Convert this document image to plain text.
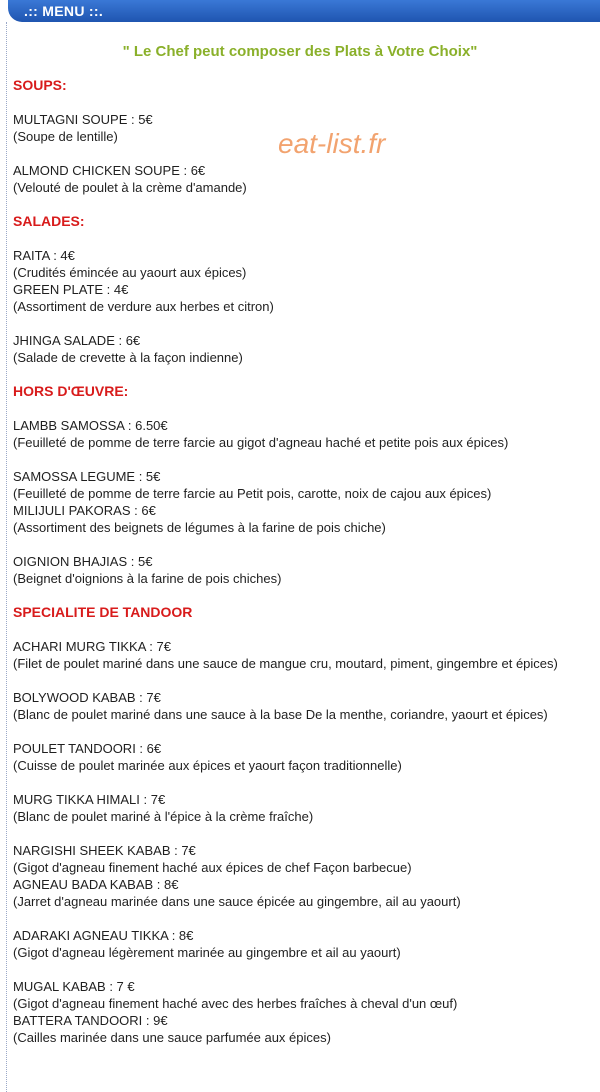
.:: MENU ::.
" Le Chef peut composer des Plats à Votre Choix"
SOUPS:
MULTAGNI SOUPE : 5€
(Soupe de lentille)
ALMOND CHICKEN SOUPE : 6€
(Velouté de poulet à la crème d'amande)
SALADES:
RAITA : 4€
(Crudités émincée au yaourt aux épices)
GREEN PLATE : 4€
(Assortiment de verdure aux herbes et citron)
JHINGA SALADE : 6€
(Salade de crevette à la façon indienne)
HORS D'ŒUVRE:
LAMBB SAMOSSA : 6.50€
(Feuilleté de pomme de terre farcie au gigot d'agneau haché et petite pois aux épices)
SAMOSSA LEGUME : 5€
(Feuilleté de pomme de terre farcie au Petit pois, carotte, noix de cajou aux épices)
MILIJULI PAKORAS : 6€
(Assortiment des beignets de légumes à la farine de pois chiche)
OIGNION BHAJIAS : 5€
(Beignet d'oignions à la farine de pois chiches)
SPECIALITE DE TANDOOR
ACHARI MURG TIKKA : 7€
(Filet de poulet mariné dans une sauce de mangue cru, moutard, piment, gingembre et épices)
BOLYWOOD KABAB : 7€
(Blanc de poulet mariné dans une sauce à la base De la menthe, coriandre, yaourt et épices)
POULET TANDOORI : 6€
(Cuisse de poulet marinée aux épices et yaourt façon traditionnelle)
MURG TIKKA HIMALI : 7€
(Blanc de poulet mariné à l'épice à la crème fraîche)
NARGISHI SHEEK KABAB : 7€
(Gigot d'agneau finement haché aux épices de chef Façon barbecue)
AGNEAU BADA KABAB : 8€
(Jarret d'agneau marinée dans une sauce épicée au gingembre, ail au yaourt)
ADARAKI AGNEAU TIKKA : 8€
(Gigot d'agneau légèrement marinée au gingembre et ail au yaourt)
MUGAL KABAB : 7 €
(Gigot d'agneau finement haché avec des herbes fraîches à cheval d'un œuf)
BATTERA TANDOORI : 9€
(Cailles marinée dans une sauce parfumée aux épices)
eat-list.fr
